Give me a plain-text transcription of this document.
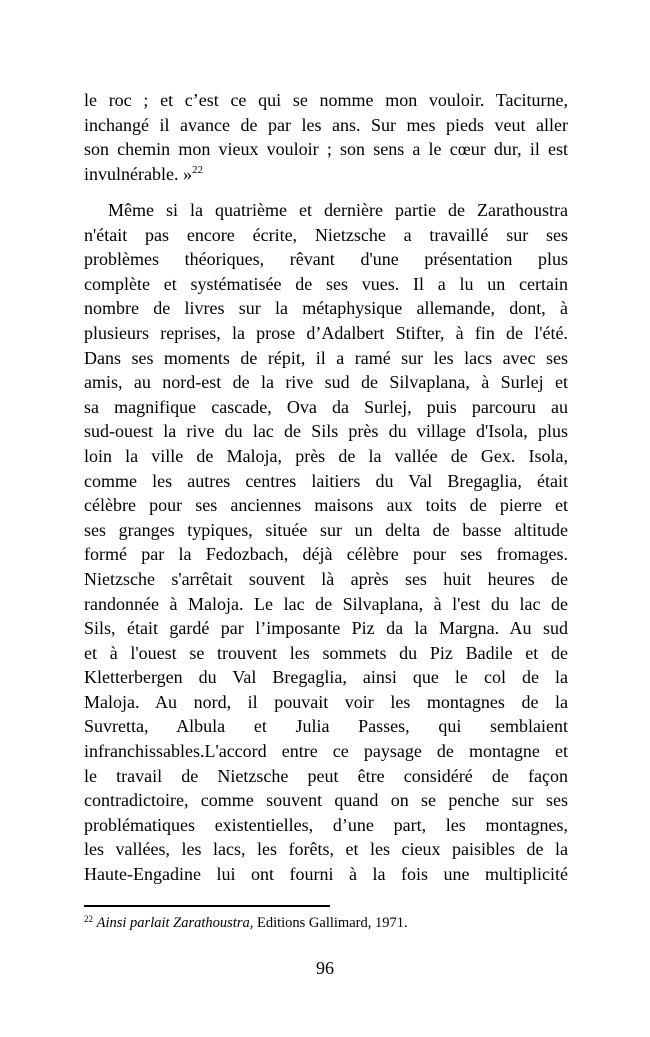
le roc ; et c’est ce qui se nomme mon vouloir. Taciturne,
inchangé il avance de par les ans. Sur mes pieds veut aller
son chemin mon vieux vouloir ; son sens a le cœur dur, il est
invulnérable. »$^{22}$
Même si la quatrième et dernière partie de Zarathoustra
n'était pas encore écrite, Nietzsche a travaillé sur ses
problèmes théoriques, rêvant d'une présentation plus
complète et systématisée de ses vues. Il a lu un certain
nombre de livres sur la métaphysique allemande, dont, à
plusieurs reprises, la prose d’Adalbert Stifter, à fin de l'été.
Dans ses moments de répit, il a ramé sur les lacs avec ses
amis, au nord-est de la rive sud de Silvaplana, à Surlej et
sa magnifique cascade, Ova da Surlej, puis parcouru au
sud-ouest la rive du lac de Sils près du village d'Isola, plus
loin la ville de Maloja, près de la vallée de Gex. Isola,
comme les autres centres laitiers du Val Bregaglia, était
célèbre pour ses anciennes maisons aux toits de pierre et
ses granges typiques, située sur un delta de basse altitude
formé par la Fedozbach, déjà célèbre pour ses fromages.
Nietzsche s'arrêtait souvent là après ses huit heures de
randonnée à Maloja. Le lac de Silvaplana, à l'est du lac de
Sils, était gardé par l’imposante Piz da la Margna. Au sud
et à l'ouest se trouvent les sommets du Piz Badile et de
Kletterbergen du Val Bregaglia, ainsi que le col de la
Maloja. Au nord, il pouvait voir les montagnes de la
Suvretta, Albula et Julia Passes, qui semblaient
infranchissables.L'accord entre ce paysage de montagne et
le travail de Nietzsche peut être considéré de façon
contradictoire, comme souvent quand on se penche sur ses
problématiques existentielles, d’une part, les montagnes,
les vallées, les lacs, les forêts, et les cieux paisibles de la
Haute-Engadine lui ont fourni à la fois une multiplicité
$^{22}$ Ainsi parlait Zarathoustra, Editions Gallimard, 1971.
96
